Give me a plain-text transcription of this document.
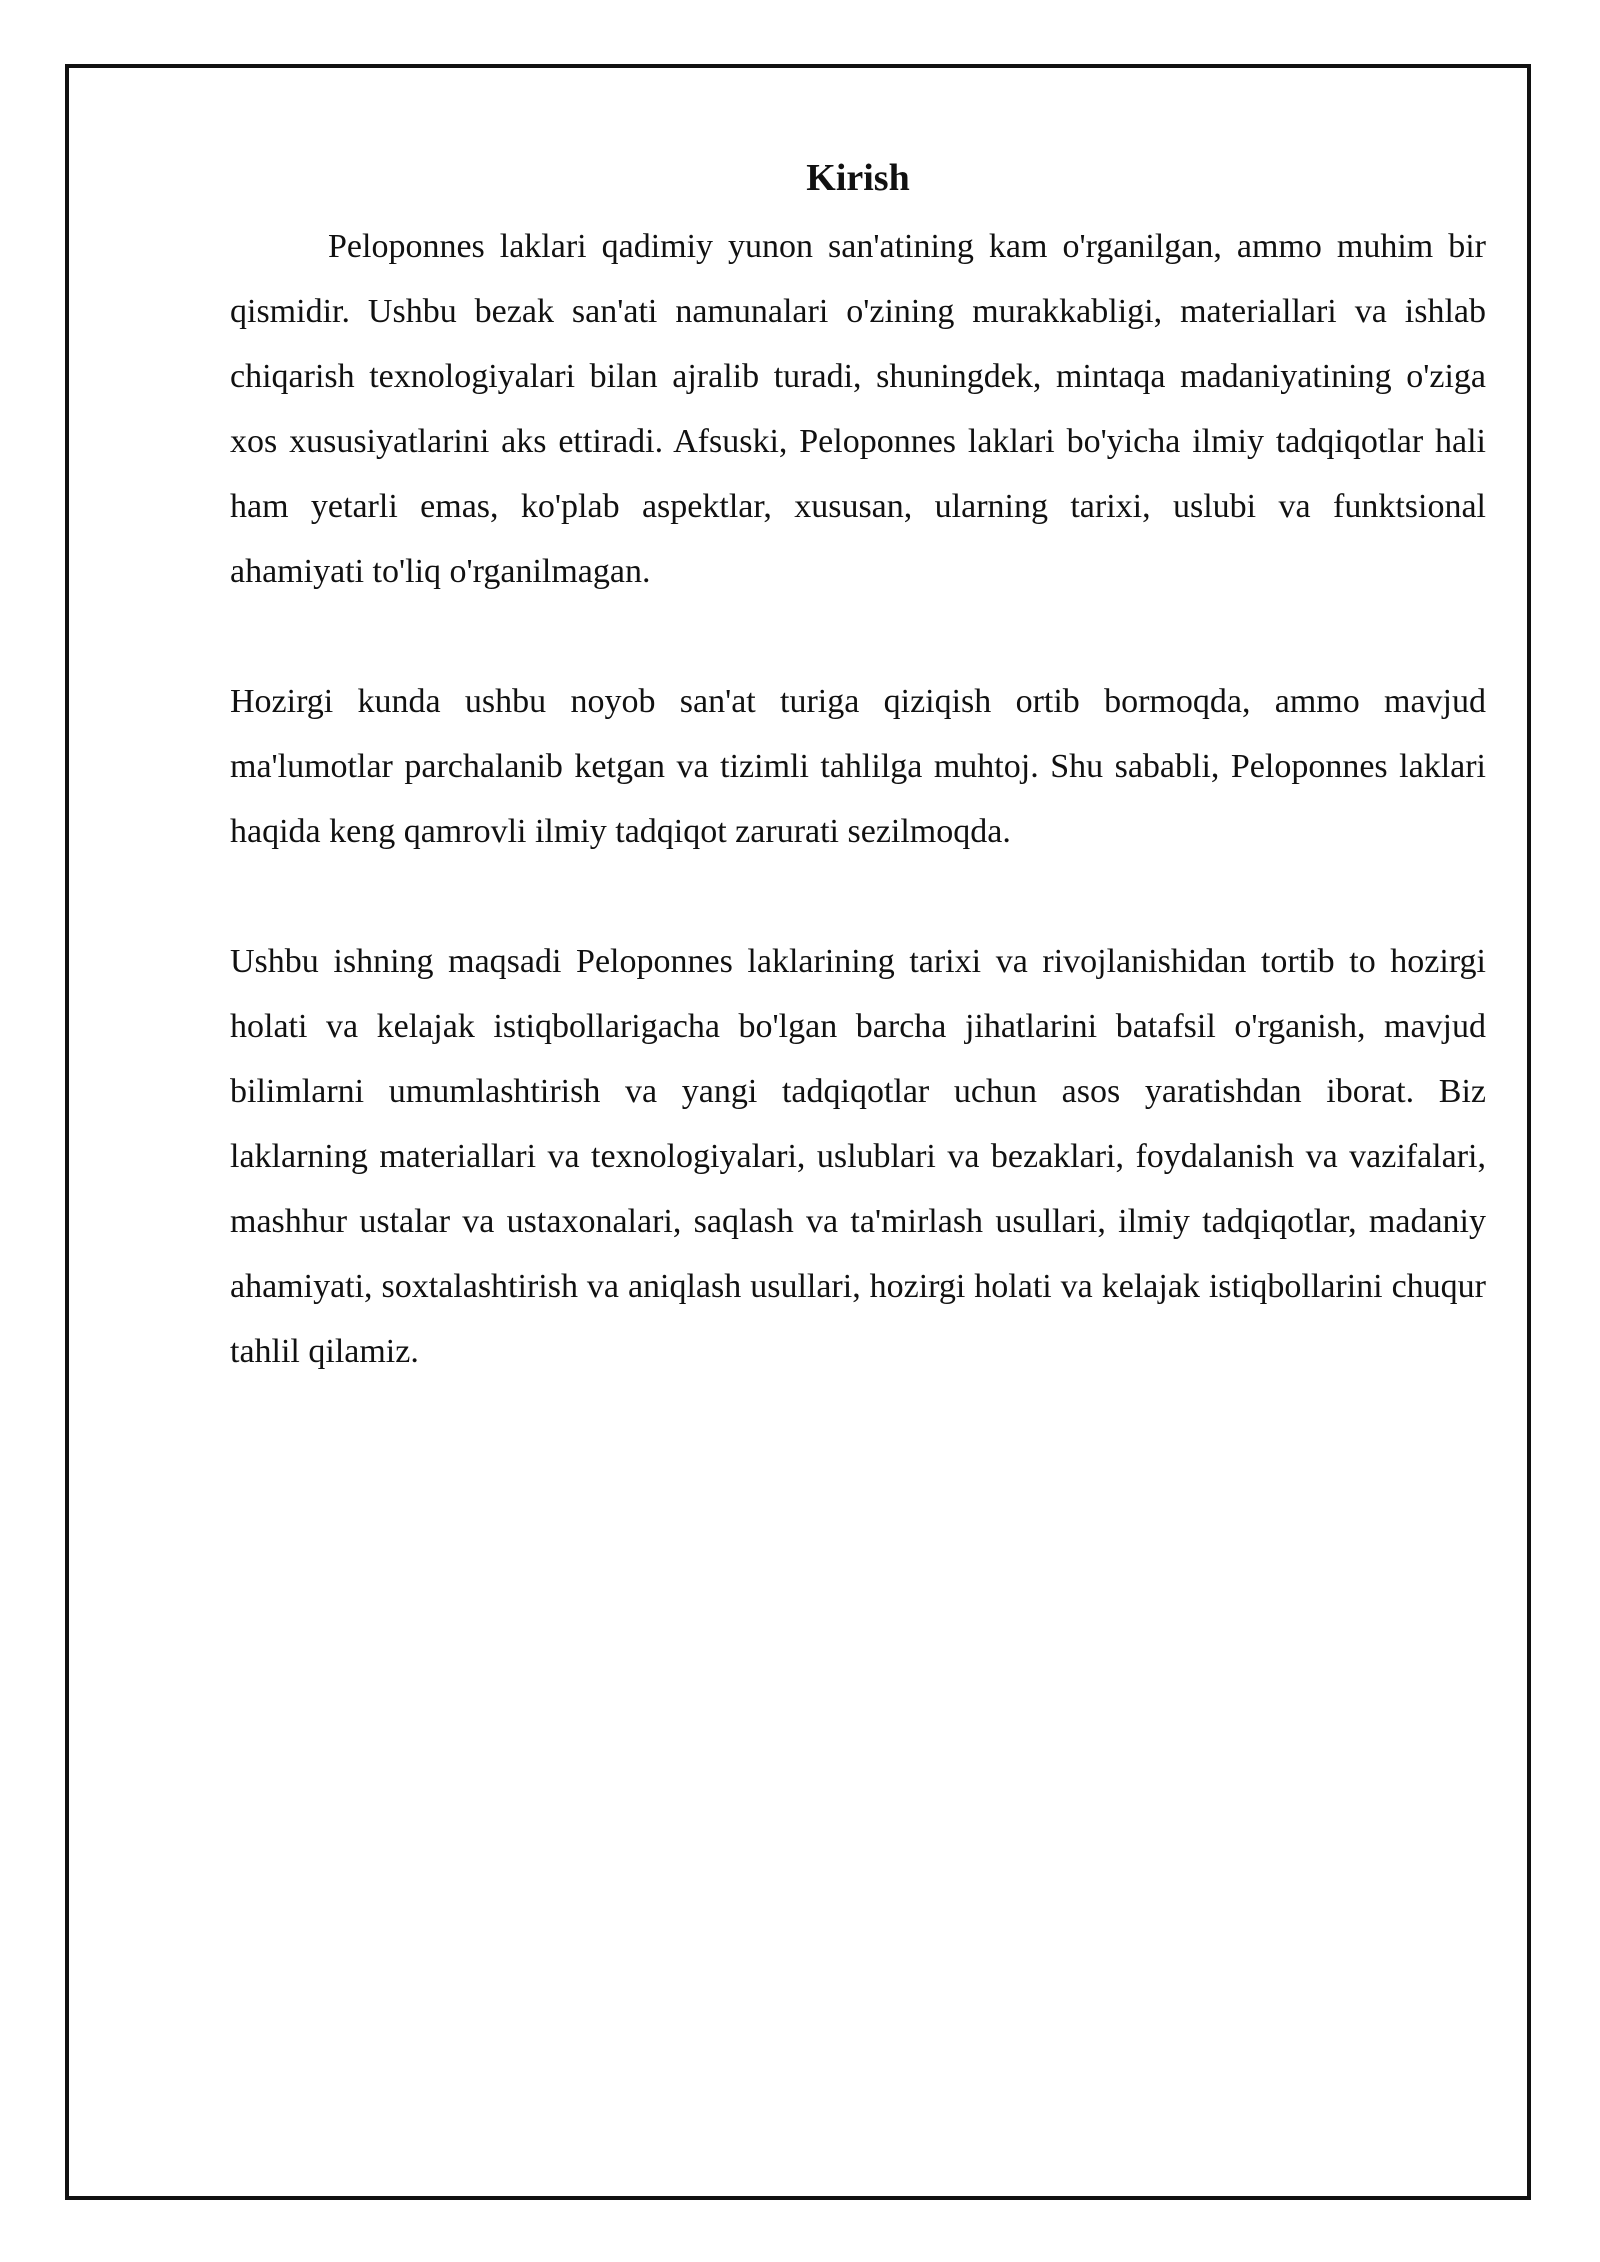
Kirish

Peloponnes laklari qadimiy yunon san'atining kam o'rganilgan, ammo muhim bir qismidir. Ushbu bezak san'ati namunalari o'zining murakkabligi, materiallari va ishlab chiqarish texnologiyalari bilan ajralib turadi, shuningdek, mintaqa madaniyatining o'ziga xos xususiyatlarini aks ettiradi. Afsuski, Peloponnes laklari bo'yicha ilmiy tadqiqotlar hali ham yetarli emas, ko'plab aspektlar, xususan, ularning tarixi, uslubi va funktsional ahamiyati to'liq o'rganilmagan.

Hozirgi kunda ushbu noyob san'at turiga qiziqish ortib bormoqda, ammo mavjud ma'lumotlar parchalanib ketgan va tizimli tahlilga muhtoj. Shu sababli, Peloponnes laklari haqida keng qamrovli ilmiy tadqiqot zarurati sezilmoqda.

Ushbu ishning maqsadi Peloponnes laklarining tarixi va rivojlanishidan tortib to hozirgi holati va kelajak istiqbollarigacha bo'lgan barcha jihatlarini batafsil o'rganish, mavjud bilimlarni umumlashtirish va yangi tadqiqotlar uchun asos yaratishdan iborat. Biz laklarning materiallari va texnologiyalari, uslublari va bezaklari, foydalanish va vazifalari, mashhur ustalar va ustaxonalari, saqlash va ta'mirlash usullari, ilmiy tadqiqotlar, madaniy ahamiyati, soxtalashtirish va aniqlash usullari, hozirgi holati va kelajak istiqbollarini chuqur tahlil qilamiz.
